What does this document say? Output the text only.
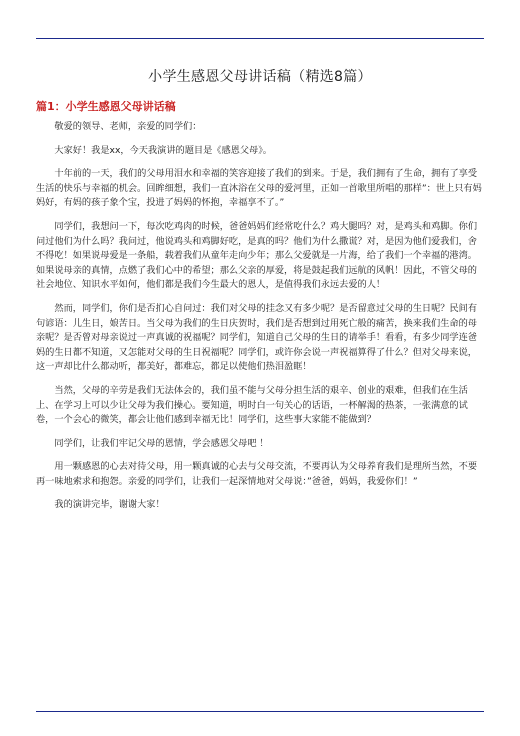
小学生感恩父母讲话稿（精选8篇）
篇1：小学生感恩父母讲话稿

敬爱的领导、老师，亲爱的同学们：

大家好！我是xx，今天我演讲的题目是《感恩父母》。

十年前的一天，我们的父母用泪水和幸福的笑容迎接了我们的到来。于是，我们拥有了生命，拥有了享受生活的快乐与幸福的机会。回眸细想，我们一直沐浴在父母的爱河里，正如一首歌里所唱的那样”：世上只有妈妈好，有妈的孩子象个宝，投进了妈妈的怀抱，幸福享不了。”

同学们，我想问一下，每次吃鸡肉的时候，爸爸妈妈们经常吃什么？鸡大腿吗？对，是鸡头和鸡脚。你们问过他们为什么吗？我问过，他说鸡头和鸡脚好吃，是真的吗？他们为什么撒谎？对，是因为他们爱我们，舍不得吃！如果说母爱是一条船，载着我们从童年走向少年；那么父爱就是一片海，给了我们一个幸福的港湾。如果说母亲的真情，点燃了我们心中的希望；那么父亲的厚爱，将是鼓起我们远航的风帆！因此，不管父母的社会地位、知识水平如何，他们都是我们今生最大的恩人，是值得我们永远去爱的人！

然而，同学们，你们是否扪心自问过：我们对父母的挂念又有多少呢？是否留意过父母的生日呢？民间有句谚语：儿生日，娘苦日。当父母为我们的生日庆贺时，我们是否想到过用死亡般的痛苦，换来我们生命的母亲呢？是否曾对母亲说过一声真诚的祝福呢？同学们，知道自己父母的生日的请举手！看看，有多少同学连爸妈的生日都不知道，又怎能对父母的生日祝福呢？同学们，或许你会说一声祝福算得了什么？但对父母来说，这一声却比什么都动听，都美好，都难忘，都足以使他们热泪盈眶！

当然，父母的辛劳是我们无法体会的，我们虽不能与父母分担生活的艰辛、创业的艰难，但我们在生活上、在学习上可以少让父母为我们操心。要知道，明时白一句关心的话语，一杯解渴的热茶，一张满意的试卷，一个会心的微笑，都会让他们感到幸福无比！同学们，这些事大家能不能做到？

同学们，让我们牢记父母的恩情，学会感恩父母吧 ！

用一颗感恩的心去对待父母，用一颗真诚的心去与父母交流，不要再认为父母养育我们是理所当然，不要再一味地索求和抱怨。亲爱的同学们，让我们一起深情地对父母说：”爸爸，妈妈，我爱你们！”

我的演讲完毕，谢谢大家！
